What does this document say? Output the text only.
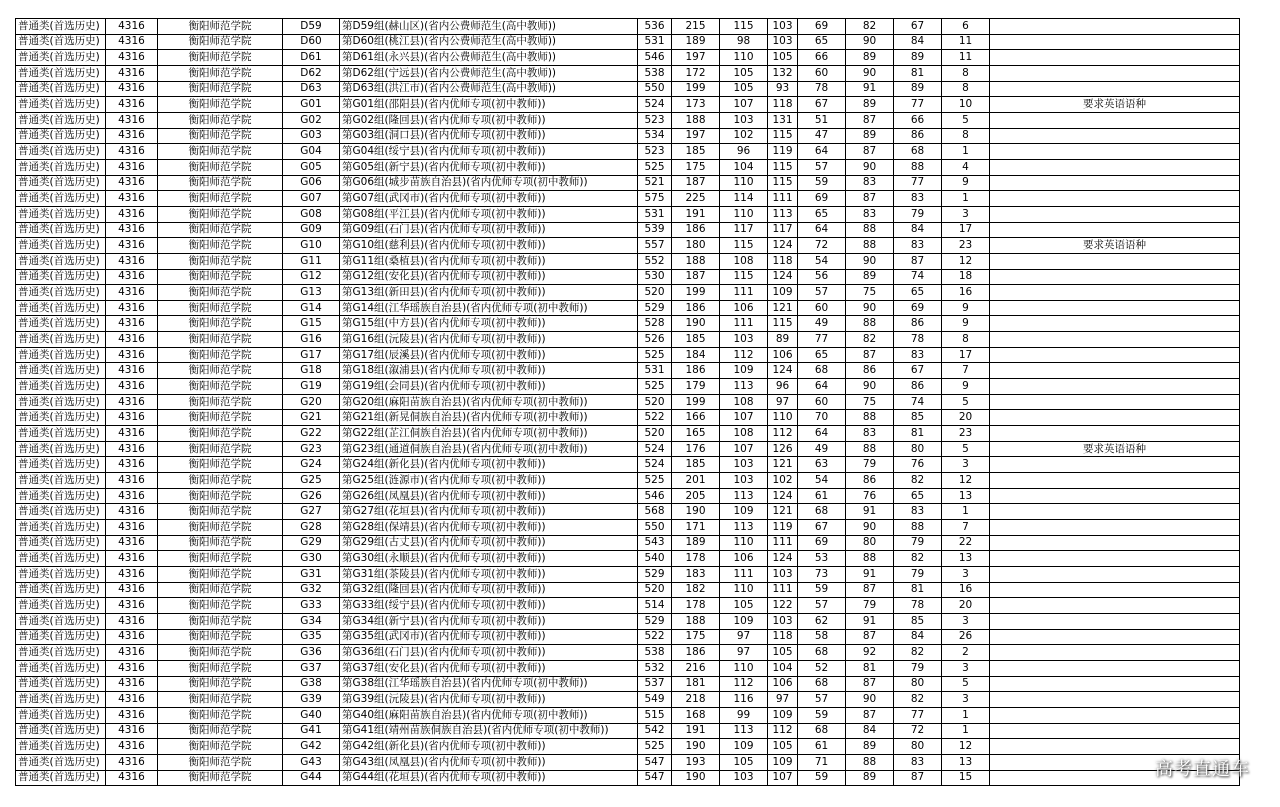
普通类(首选历史)	4316	衡阳师范学院	D59	第D59组(赫山区)(省内公费师范生(高中教师))	536	215	115	103	69	82	67	6	
普通类(首选历史)	4316	衡阳师范学院	D60	第D60组(桃江县)(省内公费师范生(高中教师))	531	189	98	103	65	90	84	11	
普通类(首选历史)	4316	衡阳师范学院	D61	第D61组(永兴县)(省内公费师范生(高中教师))	546	197	110	105	66	89	89	11	
普通类(首选历史)	4316	衡阳师范学院	D62	第D62组(宁远县)(省内公费师范生(高中教师))	538	172	105	132	60	90	81	8	
普通类(首选历史)	4316	衡阳师范学院	D63	第D63组(洪江市)(省内公费师范生(高中教师))	550	199	105	93	78	91	89	8	
普通类(首选历史)	4316	衡阳师范学院	G01	第G01组(邵阳县)(省内优师专项(初中教师))	524	173	107	118	67	89	77	10	要求英语语种
普通类(首选历史)	4316	衡阳师范学院	G02	第G02组(隆回县)(省内优师专项(初中教师))	523	188	103	131	51	87	66	5	
普通类(首选历史)	4316	衡阳师范学院	G03	第G03组(洞口县)(省内优师专项(初中教师))	534	197	102	115	47	89	86	8	
普通类(首选历史)	4316	衡阳师范学院	G04	第G04组(绥宁县)(省内优师专项(初中教师))	523	185	96	119	64	87	68	1	
普通类(首选历史)	4316	衡阳师范学院	G05	第G05组(新宁县)(省内优师专项(初中教师))	525	175	104	115	57	90	88	4	
普通类(首选历史)	4316	衡阳师范学院	G06	第G06组(城步苗族自治县)(省内优师专项(初中教师))	521	187	110	115	59	83	77	9	
普通类(首选历史)	4316	衡阳师范学院	G07	第G07组(武冈市)(省内优师专项(初中教师))	575	225	114	111	69	87	83	1	
普通类(首选历史)	4316	衡阳师范学院	G08	第G08组(平江县)(省内优师专项(初中教师))	531	191	110	113	65	83	79	3	
普通类(首选历史)	4316	衡阳师范学院	G09	第G09组(石门县)(省内优师专项(初中教师))	539	186	117	117	64	88	84	17	
普通类(首选历史)	4316	衡阳师范学院	G10	第G10组(慈利县)(省内优师专项(初中教师))	557	180	115	124	72	88	83	23	要求英语语种
普通类(首选历史)	4316	衡阳师范学院	G11	第G11组(桑植县)(省内优师专项(初中教师))	552	188	108	118	54	90	87	12	
普通类(首选历史)	4316	衡阳师范学院	G12	第G12组(安化县)(省内优师专项(初中教师))	530	187	115	124	56	89	74	18	
普通类(首选历史)	4316	衡阳师范学院	G13	第G13组(新田县)(省内优师专项(初中教师))	520	199	111	109	57	75	65	16	
普通类(首选历史)	4316	衡阳师范学院	G14	第G14组(江华瑶族自治县)(省内优师专项(初中教师))	529	186	106	121	60	90	69	9	
普通类(首选历史)	4316	衡阳师范学院	G15	第G15组(中方县)(省内优师专项(初中教师))	528	190	111	115	49	88	86	9	
普通类(首选历史)	4316	衡阳师范学院	G16	第G16组(沅陵县)(省内优师专项(初中教师))	526	185	103	89	77	82	78	8	
普通类(首选历史)	4316	衡阳师范学院	G17	第G17组(辰溪县)(省内优师专项(初中教师))	525	184	112	106	65	87	83	17	
普通类(首选历史)	4316	衡阳师范学院	G18	第G18组(溆浦县)(省内优师专项(初中教师))	531	186	109	124	68	86	67	7	
普通类(首选历史)	4316	衡阳师范学院	G19	第G19组(会同县)(省内优师专项(初中教师))	525	179	113	96	64	90	86	9	
普通类(首选历史)	4316	衡阳师范学院	G20	第G20组(麻阳苗族自治县)(省内优师专项(初中教师))	520	199	108	97	60	75	74	5	
普通类(首选历史)	4316	衡阳师范学院	G21	第G21组(新晃侗族自治县)(省内优师专项(初中教师))	522	166	107	110	70	88	85	20	
普通类(首选历史)	4316	衡阳师范学院	G22	第G22组(芷江侗族自治县)(省内优师专项(初中教师))	520	165	108	112	64	83	81	23	
普通类(首选历史)	4316	衡阳师范学院	G23	第G23组(通道侗族自治县)(省内优师专项(初中教师))	524	176	107	126	49	88	80	5	要求英语语种
普通类(首选历史)	4316	衡阳师范学院	G24	第G24组(新化县)(省内优师专项(初中教师))	524	185	103	121	63	79	76	3	
普通类(首选历史)	4316	衡阳师范学院	G25	第G25组(涟源市)(省内优师专项(初中教师))	525	201	103	102	54	86	82	12	
普通类(首选历史)	4316	衡阳师范学院	G26	第G26组(凤凰县)(省内优师专项(初中教师))	546	205	113	124	61	76	65	13	
普通类(首选历史)	4316	衡阳师范学院	G27	第G27组(花垣县)(省内优师专项(初中教师))	568	190	109	121	68	91	83	1	
普通类(首选历史)	4316	衡阳师范学院	G28	第G28组(保靖县)(省内优师专项(初中教师))	550	171	113	119	67	90	88	7	
普通类(首选历史)	4316	衡阳师范学院	G29	第G29组(古丈县)(省内优师专项(初中教师))	543	189	110	111	69	80	79	22	
普通类(首选历史)	4316	衡阳师范学院	G30	第G30组(永顺县)(省内优师专项(初中教师))	540	178	106	124	53	88	82	13	
普通类(首选历史)	4316	衡阳师范学院	G31	第G31组(茶陵县)(省内优师专项(初中教师))	529	183	111	103	73	91	79	3	
普通类(首选历史)	4316	衡阳师范学院	G32	第G32组(隆回县)(省内优师专项(初中教师))	520	182	110	111	59	87	81	16	
普通类(首选历史)	4316	衡阳师范学院	G33	第G33组(绥宁县)(省内优师专项(初中教师))	514	178	105	122	57	79	78	20	
普通类(首选历史)	4316	衡阳师范学院	G34	第G34组(新宁县)(省内优师专项(初中教师))	529	188	109	103	62	91	85	3	
普通类(首选历史)	4316	衡阳师范学院	G35	第G35组(武冈市)(省内优师专项(初中教师))	522	175	97	118	58	87	84	26	
普通类(首选历史)	4316	衡阳师范学院	G36	第G36组(石门县)(省内优师专项(初中教师))	538	186	97	105	68	92	82	2	
普通类(首选历史)	4316	衡阳师范学院	G37	第G37组(安化县)(省内优师专项(初中教师))	532	216	110	104	52	81	79	3	
普通类(首选历史)	4316	衡阳师范学院	G38	第G38组(江华瑶族自治县)(省内优师专项(初中教师))	537	181	112	106	68	87	80	5	
普通类(首选历史)	4316	衡阳师范学院	G39	第G39组(沅陵县)(省内优师专项(初中教师))	549	218	116	97	57	90	82	3	
普通类(首选历史)	4316	衡阳师范学院	G40	第G40组(麻阳苗族自治县)(省内优师专项(初中教师))	515	168	99	109	59	87	77	1	
普通类(首选历史)	4316	衡阳师范学院	G41	第G41组(靖州苗族侗族自治县)(省内优师专项(初中教师))	542	191	113	112	68	84	72	1	
普通类(首选历史)	4316	衡阳师范学院	G42	第G42组(新化县)(省内优师专项(初中教师))	525	190	109	105	61	89	80	12	
普通类(首选历史)	4316	衡阳师范学院	G43	第G43组(凤凰县)(省内优师专项(初中教师))	547	193	105	109	71	88	83	13	
普通类(首选历史)	4316	衡阳师范学院	G44	第G44组(花垣县)(省内优师专项(初中教师))	547	190	103	107	59	89	87	15		高考直通车
